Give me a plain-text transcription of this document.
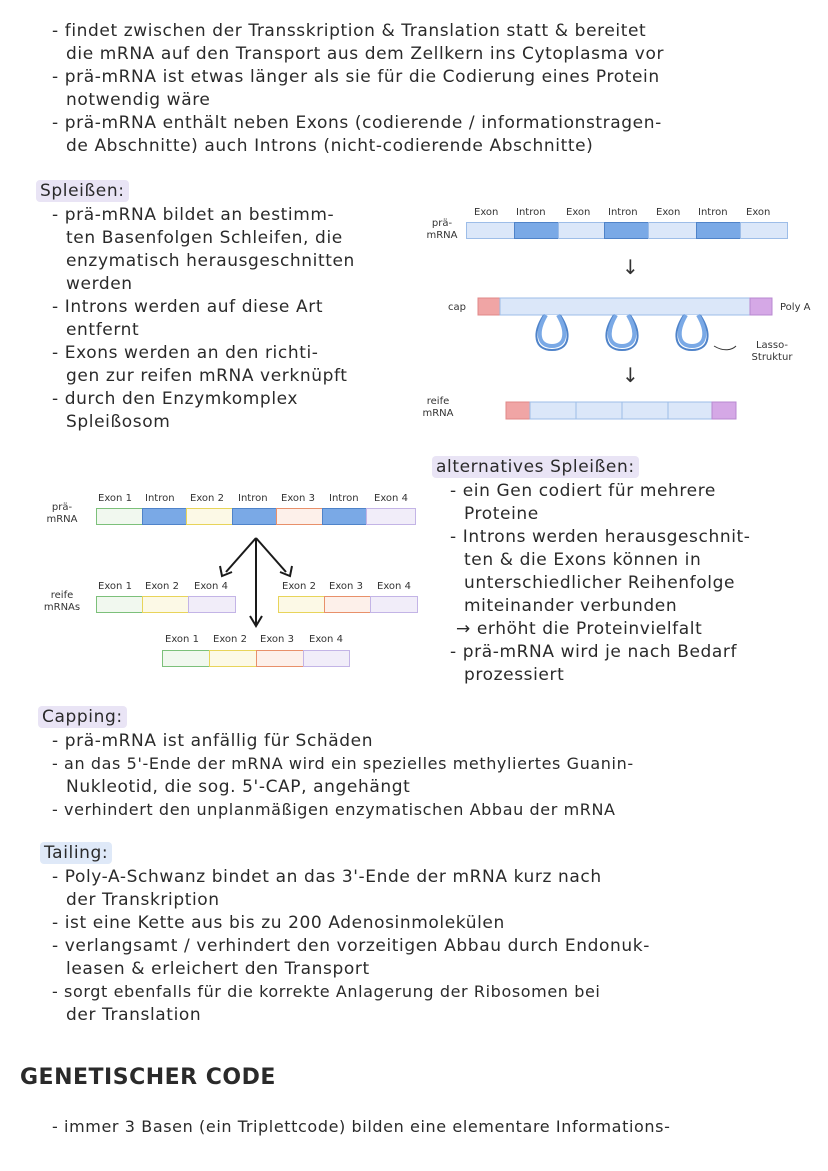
- findet zwischen der Transskription & Translation statt & bereitet
die mRNA auf den Transport aus dem Zellkern ins Cytoplasma vor
- prä-mRNA ist etwas länger als sie für die Codierung eines Protein
notwendig wäre
- prä-mRNA enthält neben Exons (codierende / informationstragen-
de Abschnitte) auch Introns (nicht-codierende Abschnitte)
Spleißen:
- prä-mRNA bildet an bestimm-
ten Basenfolgen Schleifen, die
enzymatisch herausgeschnitten
werden
- Introns werden auf diese Art
entfernt
- Exons werden an den richti-
gen zur reifen mRNA verknüpft
- durch den Enzymkomplex
Spleißosom
prä-mRNA
Exon Intron Exon Intron Exon Intron Exon
↓
cap	Poly A
Lasso-Struktur
↓
reife mRNA
alternatives Spleißen:
- ein Gen codiert für mehrere
Proteine
- Introns werden herausgeschnit-
ten & die Exons können in
unterschiedlicher Reihenfolge
miteinander verbunden
→ erhöht die Proteinvielfalt
- prä-mRNA wird je nach Bedarf
prozessiert
prä-mRNA
Exon 1 Intron Exon 2 Intron Exon 3 Intron Exon 4
reife mRNAs
Exon 1 Exon 2 Exon 4	Exon 2 Exon 3 Exon 4
Exon 1 Exon 2 Exon 3 Exon 4
Capping:
- prä-mRNA ist anfällig für Schäden
- an das 5'-Ende der mRNA wird ein spezielles methyliertes Guanin-
Nukleotid, die sog. 5'-CAP, angehängt
- verhindert den unplanmäßigen enzymatischen Abbau der mRNA
Tailing:
- Poly-A-Schwanz bindet an das 3'-Ende der mRNA kurz nach
der Transkription
- ist eine Kette aus bis zu 200 Adenosinmolekülen
- verlangsamt / verhindert den vorzeitigen Abbau durch Endonuk-
leasen & erleichert den Transport
- sorgt ebenfalls für die korrekte Anlagerung der Ribosomen bei
der Translation
GENETISCHER CODE
- immer 3 Basen (ein Triplettcode) bilden eine elementare Informations-
